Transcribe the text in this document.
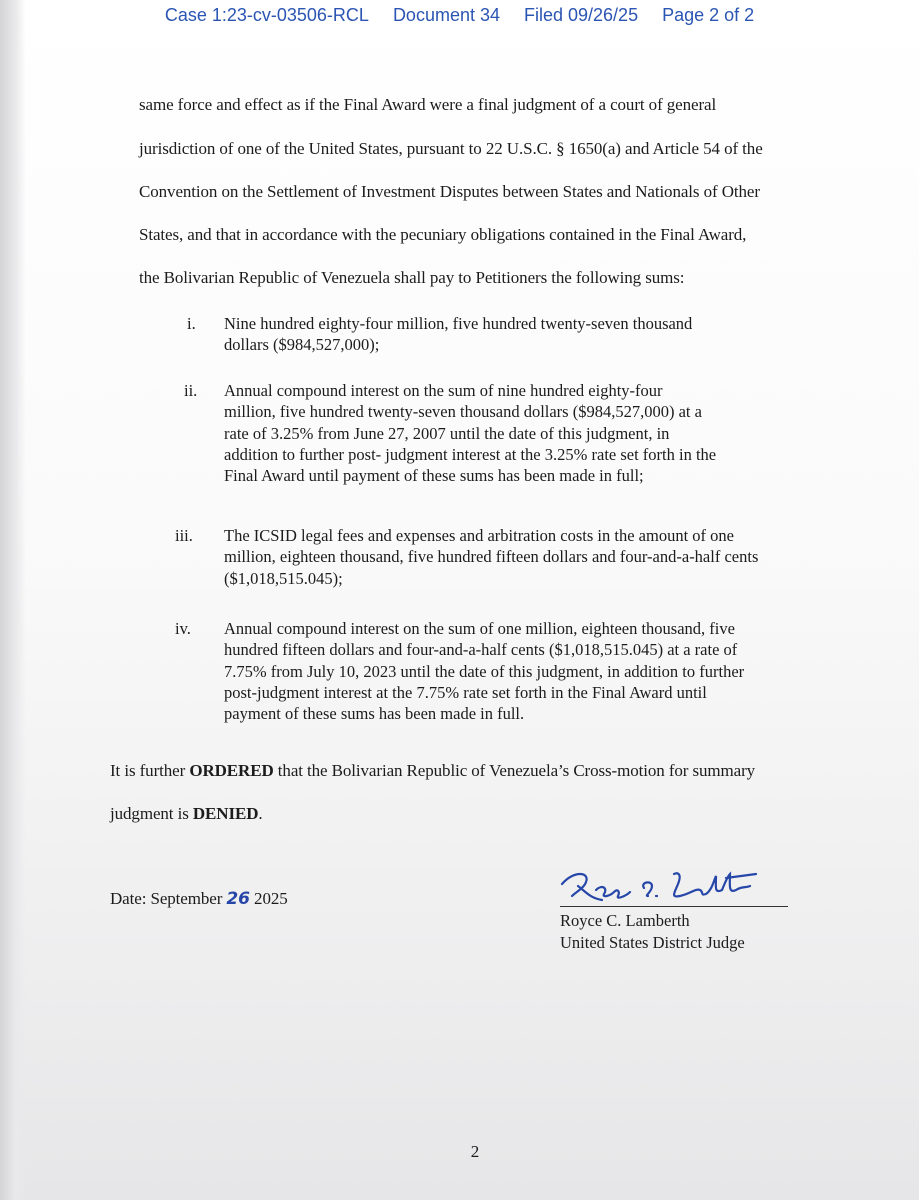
Case 1:23-cv-03506-RCL Document 34 Filed 09/26/25 Page 2 of 2
same force and effect as if the Final Award were a final judgment of a court of general
jurisdiction of one of the United States, pursuant to 22 U.S.C. § 1650(a) and Article 54 of the
Convention on the Settlement of Investment Disputes between States and Nationals of Other
States, and that in accordance with the pecuniary obligations contained in the Final Award,
the Bolivarian Republic of Venezuela shall pay to Petitioners the following sums:
i. Nine hundred eighty-four million, five hundred twenty-seven thousand
dollars ($984,527,000);
ii. Annual compound interest on the sum of nine hundred eighty-four
million, five hundred twenty-seven thousand dollars ($984,527,000) at a
rate of 3.25% from June 27, 2007 until the date of this judgment, in
addition to further post- judgment interest at the 3.25% rate set forth in the
Final Award until payment of these sums has been made in full;
iii. The ICSID legal fees and expenses and arbitration costs in the amount of one
million, eighteen thousand, five hundred fifteen dollars and four-and-a-half cents
($1,018,515.045);
iv. Annual compound interest on the sum of one million, eighteen thousand, five
hundred fifteen dollars and four-and-a-half cents ($1,018,515.045) at a rate of
7.75% from July 10, 2023 until the date of this judgment, in addition to further
post-judgment interest at the 7.75% rate set forth in the Final Award until
payment of these sums has been made in full.
It is further ORDERED that the Bolivarian Republic of Venezuela’s Cross-motion for summary
judgment is DENIED.
Date: September 26 2025
Royce C. Lamberth
United States District Judge
2
